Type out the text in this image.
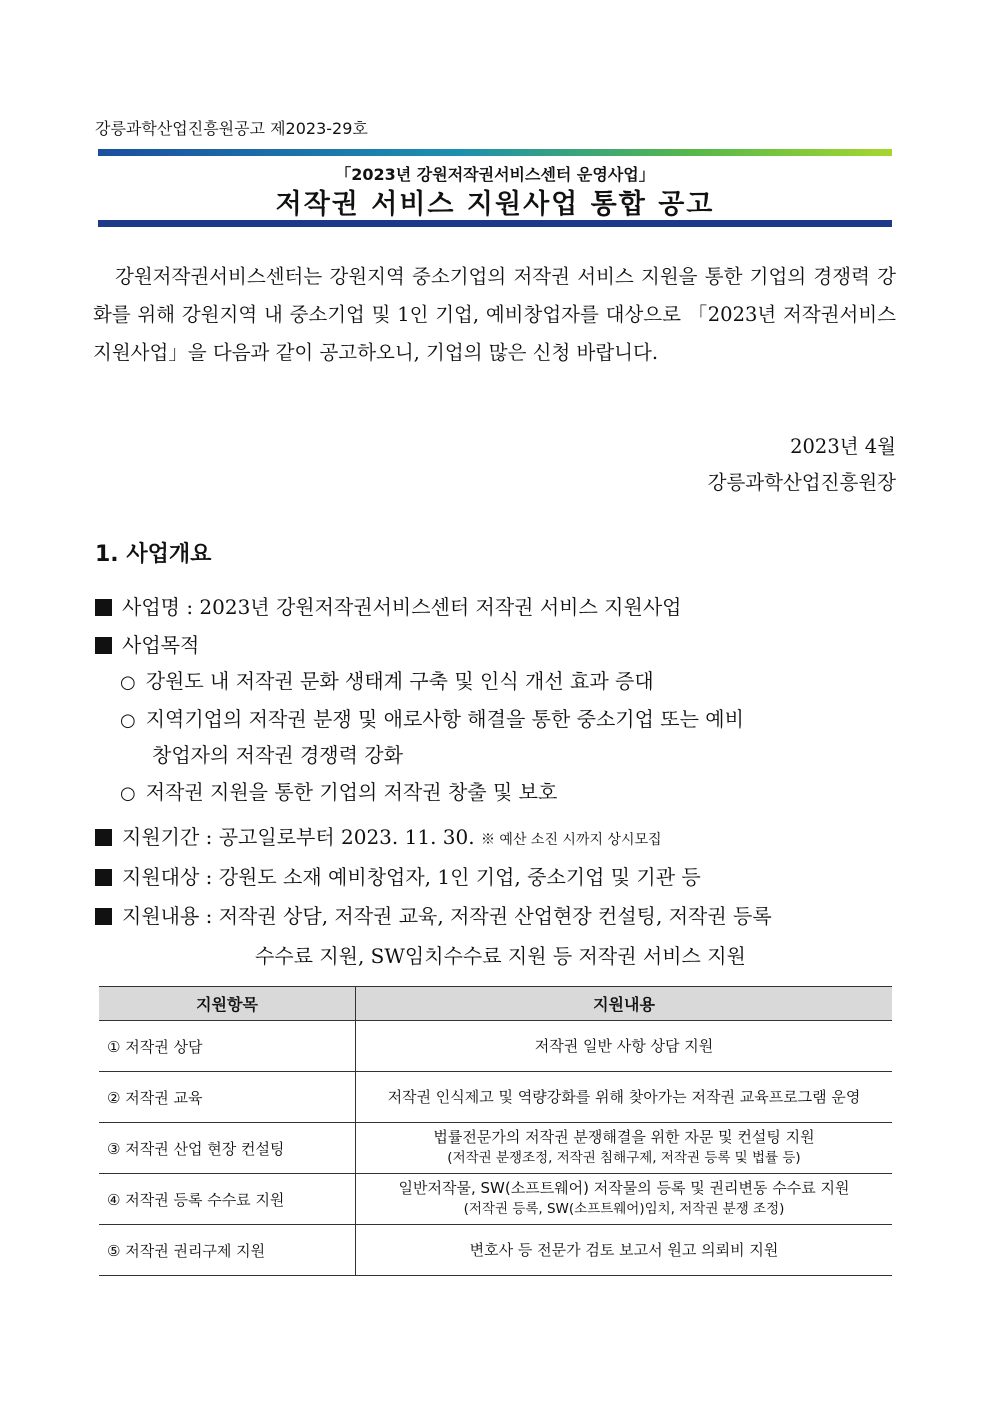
강릉과학산업진흥원공고 제2023-29호
「2023년 강원저작권서비스센터 운영사업」
저작권 서비스 지원사업 통합 공고
강원저작권서비스센터는 강원지역 중소기업의 저작권 서비스 지원을 통한 기업의 경쟁력 강화를 위해 강원지역 내 중소기업 및 1인 기업, 예비창업자를 대상으로 「2023년 저작권서비스 지원사업」을 다음과 같이 공고하오니, 기업의 많은 신청 바랍니다.
2023년 4월
강릉과학산업진흥원장
1. 사업개요
사업명 : 2023년 강원저작권서비스센터 저작권 서비스 지원사업
사업목적
○ 강원도 내 저작권 문화 생태계 구축 및 인식 개선 효과 증대
○ 지역기업의 저작권 분쟁 및 애로사항 해결을 통한 중소기업 또는 예비
창업자의 저작권 경쟁력 강화
○ 저작권 지원을 통한 기업의 저작권 창출 및 보호
지원기간 : 공고일로부터 2023. 11. 30. ※ 예산 소진 시까지 상시모집
지원대상 : 강원도 소재 예비창업자, 1인 기업, 중소기업 및 기관 등
지원내용 : 저작권 상담, 저작권 교육, 저작권 산업현장 컨설팅, 저작권 등록
수수료 지원, SW임치수수료 지원 등 저작권 서비스 지원
지원항목	지원내용
① 저작권 상담	저작권 일반 사항 상담 지원
② 저작권 교육	저작권 인식제고 및 역량강화를 위해 찾아가는 저작권 교육프로그램 운영
③ 저작권 산업 현장 컨설팅	법률전문가의 저작권 분쟁해결을 위한 자문 및 컨설팅 지원
(저작권 분쟁조정, 저작권 침해구제, 저작권 등록 및 법률 등)

④ 저작권 등록 수수료 지원	일반저작물, SW(소프트웨어) 저작물의 등록 및 권리변동 수수료 지원
(저작권 등록, SW(소프트웨어)임치, 저작권 분쟁 조정)

⑤ 저작권 권리구제 지원	변호사 등 전문가 검토 보고서 원고 의뢰비 지원
